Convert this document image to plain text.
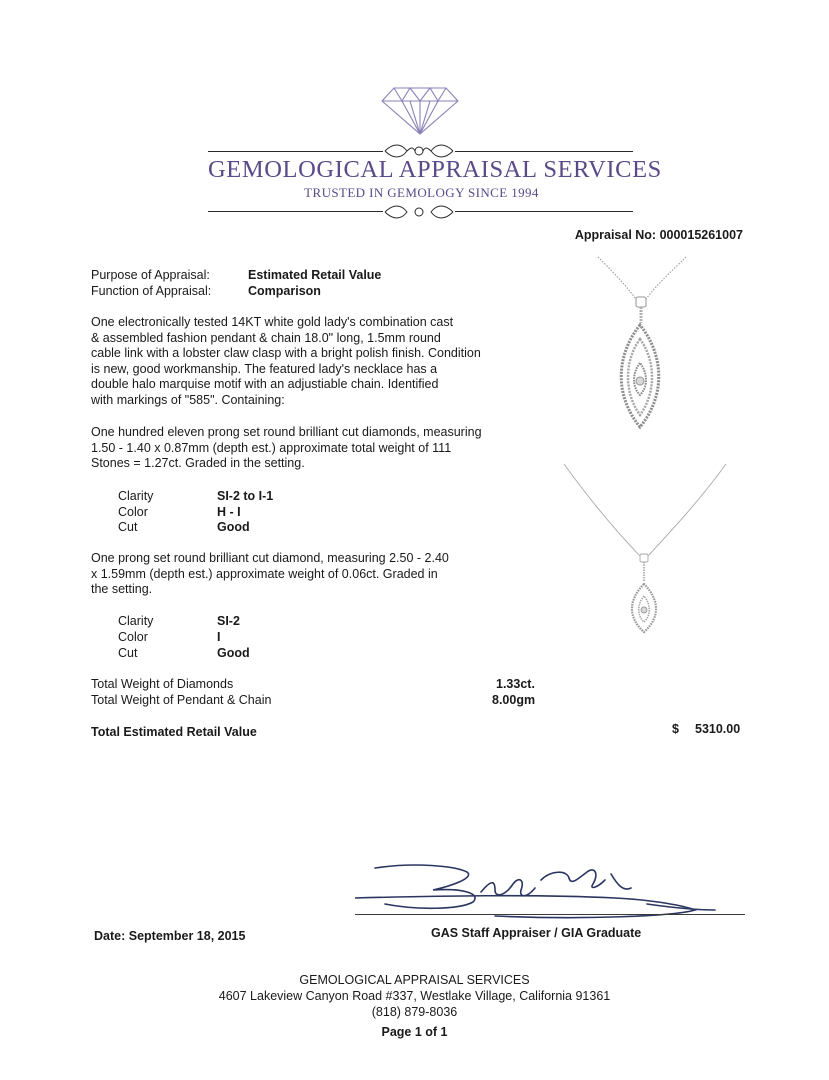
GEMOLOGICAL APPRAISAL SERVICES
TRUSTED IN GEMOLOGY SINCE 1994
Appraisal No: 000015261007
Purpose of Appraisal:	Estimated Retail Value
Function of Appraisal:	Comparison
One electronically tested 14KT white gold lady's combination cast
& assembled fashion pendant & chain 18.0" long, 1.5mm round
cable link with a lobster claw clasp with a bright polish finish. Condition
is new, good workmanship. The featured lady's necklace has a
double halo marquise motif with an adjustiable chain. Identified
with markings of "585". Containing:
One hundred eleven prong set round brilliant cut diamonds, measuring
1.50 - 1.40 x 0.87mm (depth est.) approximate total weight of 111
Stones = 1.27ct. Graded in the setting.
Clarity	SI-2 to I-1
Color	H - I
Cut	Good
One prong set round brilliant cut diamond, measuring 2.50 - 2.40
x 1.59mm (depth est.) approximate weight of 0.06ct. Graded in
the setting.
Clarity	SI-2
Color	I
Cut	Good
Total Weight of Diamonds	1.33ct.
Total Weight of Pendant & Chain	8.00gm
Total Estimated Retail Value	$ 5310.00
Date: September 18, 2015	GAS Staff Appraiser / GIA Graduate
GEMOLOGICAL APPRAISAL SERVICES
4607 Lakeview Canyon Road #337, Westlake Village, California 91361
(818) 879-8036
Page 1 of 1
